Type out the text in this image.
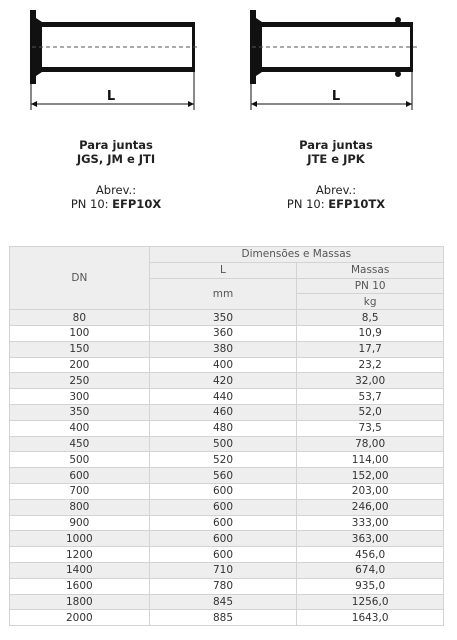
L	L
Para juntas
JGS, JM e JTI
Abrev.:
PN 10: EFP10X
Para juntas
JTE e JPK
Abrev.:
PN 10: EFP10TX
DN	Dimensões e Massas	
	L	Massas
	mm	PN 10
		kg
80	350	8,5
100	360	10,9
150	380	17,7
200	400	23,2
250	420	32,00
300	440	53,7
350	460	52,0
400	480	73,5
450	500	78,00
500	520	114,00
600	560	152,00
700	600	203,00
800	600	246,00
900	600	333,00
1000	600	363,00
1200	600	456,0
1400	710	674,0
1600	780	935,0
1800	845	1256,0
2000	885	1643,0
